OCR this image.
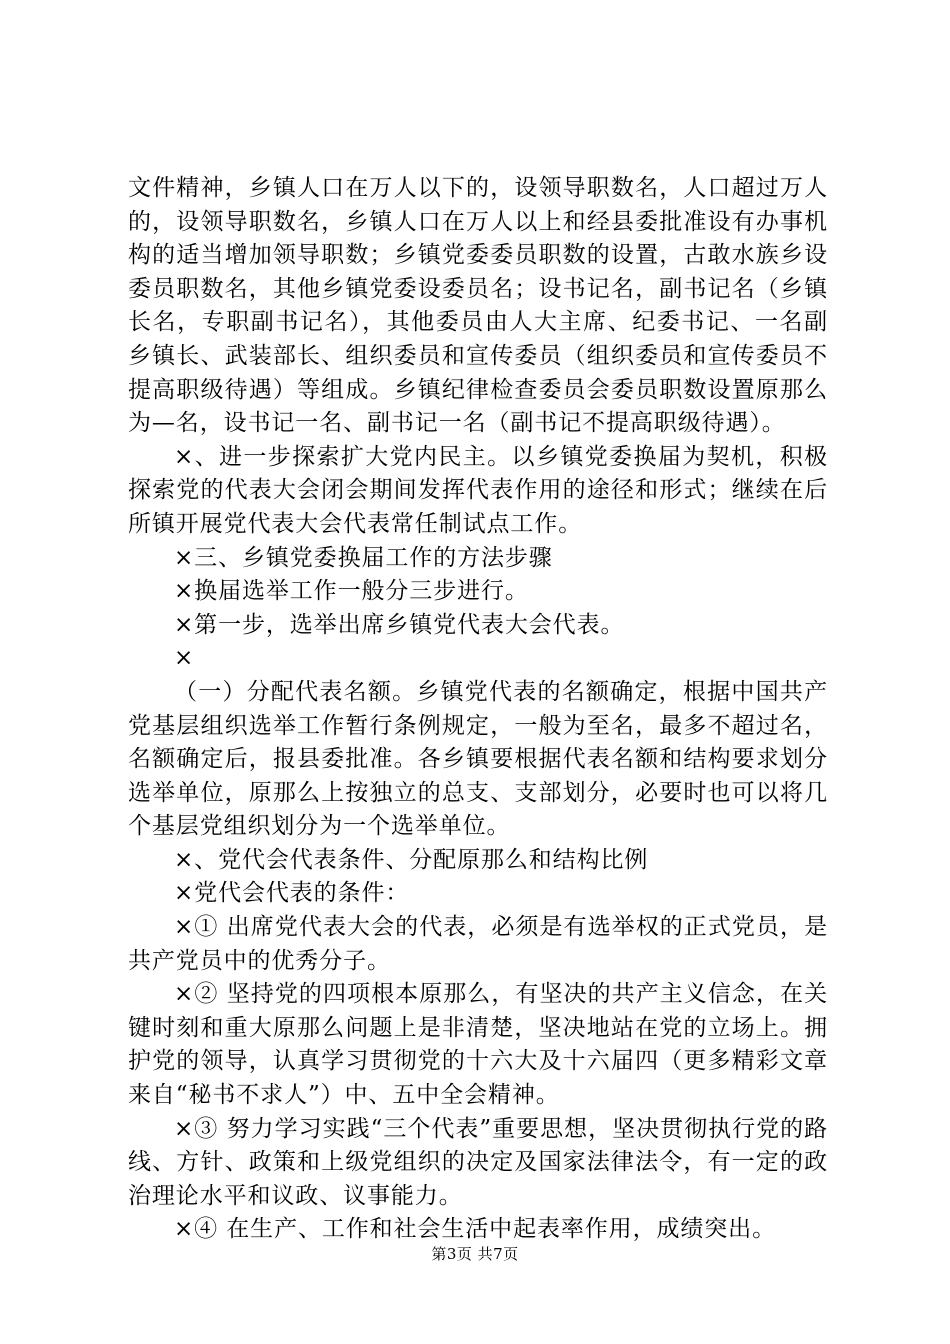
文件精神，乡镇人口在万人以下的，设领导职数名，人口超过万人的，设领导职数名，乡镇人口在万人以上和经县委批准设有办事机构的适当增加领导职数；乡镇党委委员职数的设置，古敢水族乡设委员职数名，其他乡镇党委设委员名；设书记名，副书记名（乡镇长名，专职副书记名），其他委员由人大主席、纪委书记、一名副乡镇长、武装部长、组织委员和宣传委员（组织委员和宣传委员不提高职级待遇）等组成。乡镇纪律检查委员会委员职数设置原那么为—名，设书记一名、副书记一名（副书记不提高职级待遇）。

×、进一步探索扩大党内民主。以乡镇党委换届为契机，积极探索党的代表大会闭会期间发挥代表作用的途径和形式；继续在后所镇开展党代表大会代表常任制试点工作。

×三、乡镇党委换届工作的方法步骤

×换届选举工作一般分三步进行。

×第一步，选举出席乡镇党代表大会代表。

×

（一）分配代表名额。乡镇党代表的名额确定，根据中国共产党基层组织选举工作暂行条例规定，一般为至名，最多不超过名，名额确定后，报县委批准。各乡镇要根据代表名额和结构要求划分选举单位，原那么上按独立的总支、支部划分，必要时也可以将几个基层党组织划分为一个选举单位。

×、党代会代表条件、分配原那么和结构比例

×党代会代表的条件：

×① 出席党代表大会的代表，必须是有选举权的正式党员，是共产党员中的优秀分子。

×② 坚持党的四项根本原那么，有坚决的共产主义信念，在关键时刻和重大原那么问题上是非清楚，坚决地站在党的立场上。拥护党的领导，认真学习贯彻党的十六大及十六届四（更多精彩文章来自“秘书不求人”）中、五中全会精神。

×③ 努力学习实践“三个代表”重要思想，坚决贯彻执行党的路线、方针、政策和上级党组织的决定及国家法律法令，有一定的政治理论水平和议政、议事能力。

×④ 在生产、工作和社会生活中起表率作用，成绩突出。

第3页 共7页
